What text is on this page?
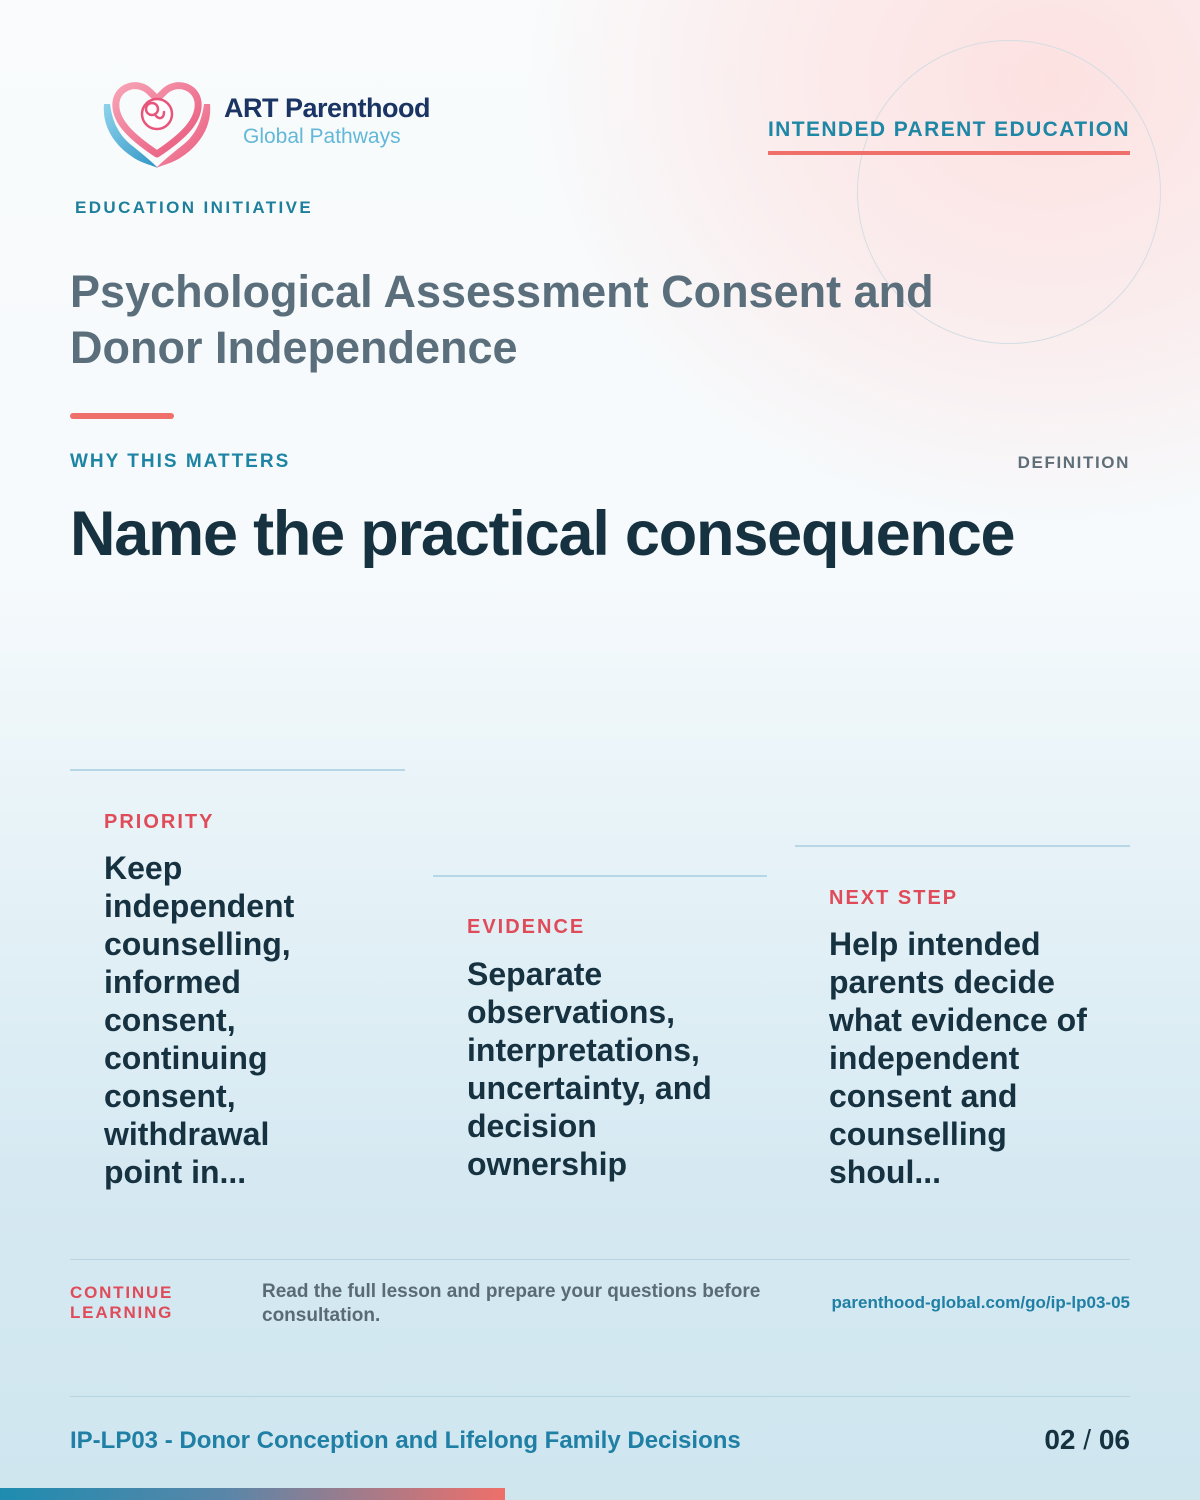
ART Parenthood
Global Pathways	INTENDED PARENT EDUCATION
EDUCATION INITIATIVE
Psychological Assessment Consent and Donor Independence
WHY THIS MATTERS	DEFINITION
Name the practical consequence
PRIORITY
Keep independent counselling, informed consent, continuing consent, withdrawal point in...
EVIDENCE
Separate observations, interpretations, uncertainty, and decision ownership
NEXT STEP
Help intended parents decide what evidence of independent consent and counselling shoul...
CONTINUE LEARNING
Read the full lesson and prepare your questions before consultation.
parenthood-global.com/go/ip-lp03-05
IP-LP03 - Donor Conception and Lifelong Family Decisions	02 / 06
